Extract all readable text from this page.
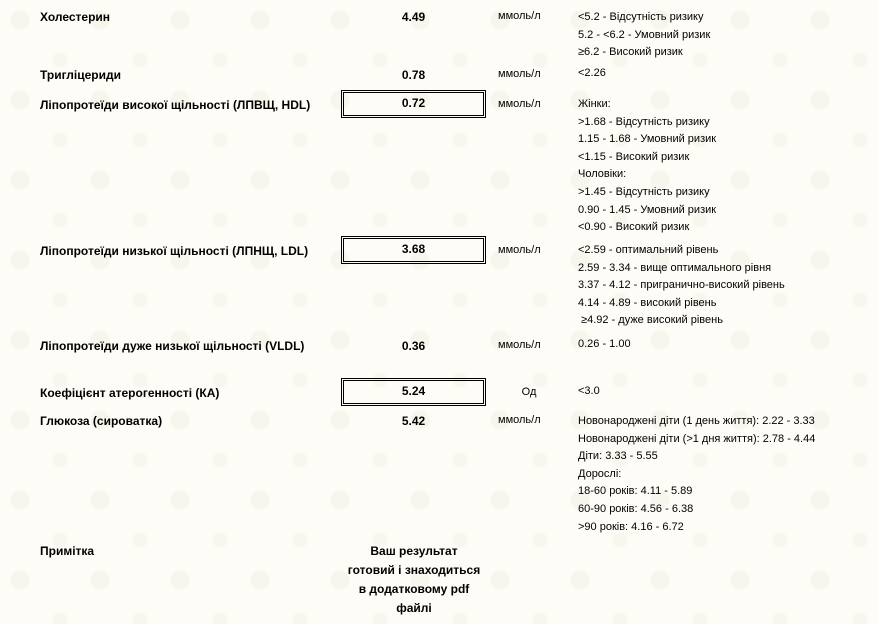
Холестерин	4.49	ммоль/л	<5.2 - Відсутність ризику
5.2 - <6.2 - Умовний ризик
≥6.2 - Високий ризик
Тригліцериди	0.78	ммоль/л	<2.26
Ліпопротеїди високої щільності (ЛПВЩ, HDL)	0.72	ммоль/л	Жінки:
>1.68 - Відсутність ризику
1.15 - 1.68 - Умовний ризик
<1.15 - Високий ризик
Чоловіки:
>1.45 - Відсутність ризику
0.90 - 1.45 - Умовний ризик
<0.90 - Високий ризик
Ліпопротеїди низької щільності (ЛПНЩ, LDL)	3.68	ммоль/л	<2.59 - оптимальний рівень
2.59 - 3.34 - вище оптимального рівня
3.37 - 4.12 - пригранично-високий рівень
4.14 - 4.89 - високий рівень
≥4.92 - дуже високий рівень
Ліпопротеїди дуже низької щільності (VLDL)	0.36	ммоль/л	0.26 - 1.00
Коефіцієнт атерогенності (КА)	5.24	Од	<3.0
Глюкоза (сироватка)	5.42	ммоль/л	Новонароджені діти (1 день життя): 2.22 - 3.33
Новонароджені діти (>1 дня життя): 2.78 - 4.44
Діти: 3.33 - 5.55
Дорослі:
18-60 років: 4.11 - 5.89
60-90 років: 4.56 - 6.38
>90 років: 4.16 - 6.72
Примітка	Ваш результат готовий і знаходиться в додатковому pdf файлі
